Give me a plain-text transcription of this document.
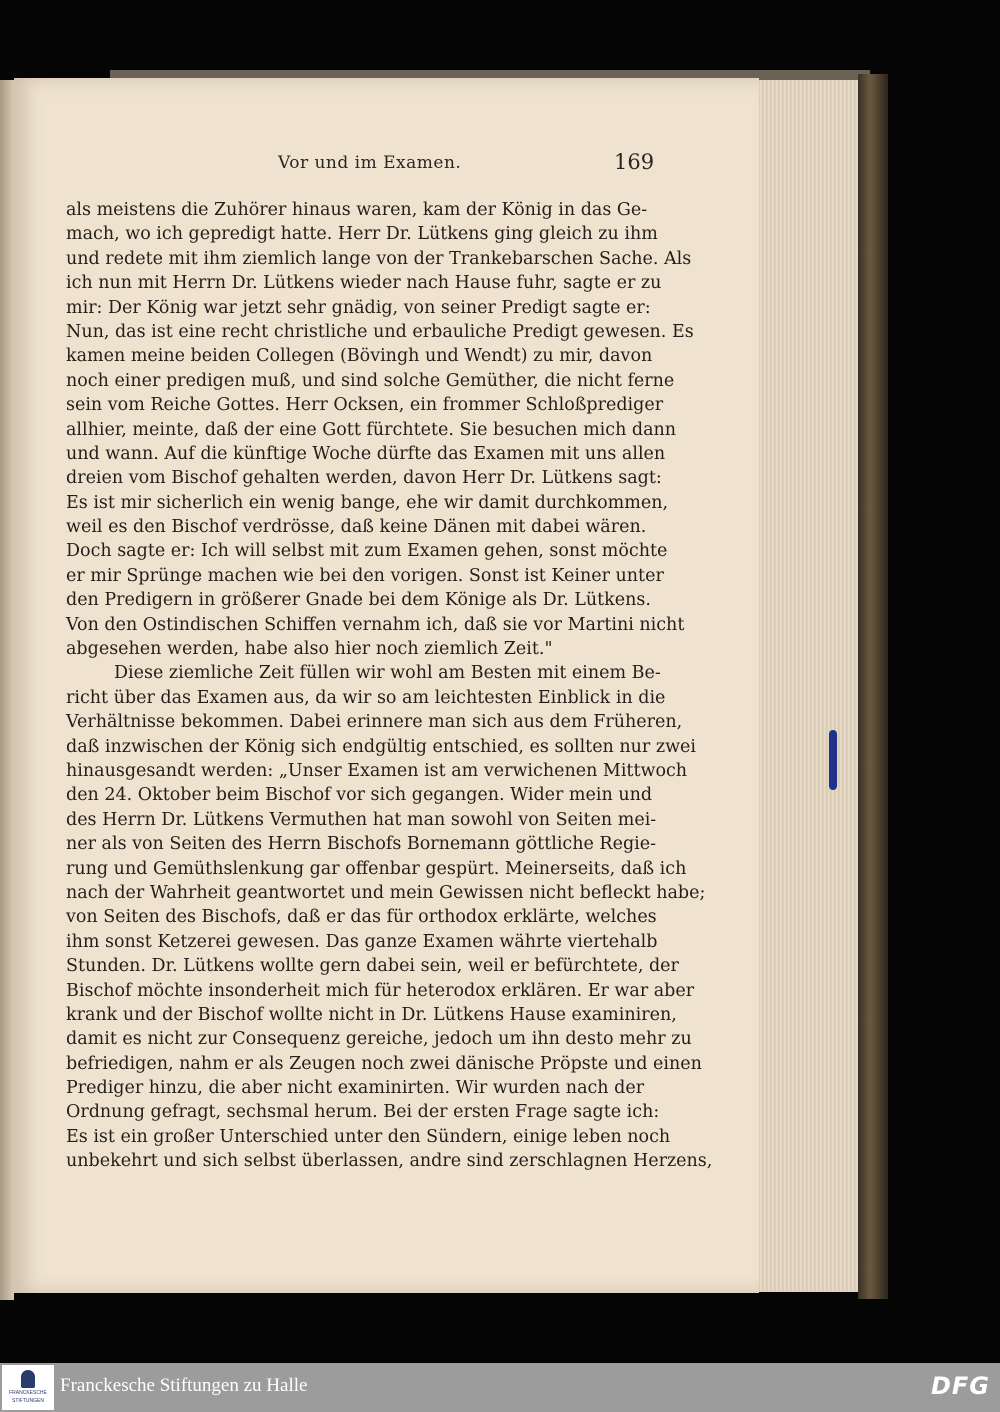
Vor und im Examen.	169
als meistens die Zuhörer hinaus waren, kam der König in das Ge-
mach, wo ich gepredigt hatte. Herr Dr. Lütkens ging gleich zu ihm
und redete mit ihm ziemlich lange von der Trankebarschen Sache. Als
ich nun mit Herrn Dr. Lütkens wieder nach Hause fuhr, sagte er zu
mir: Der König war jetzt sehr gnädig, von seiner Predigt sagte er:
Nun, das ist eine recht christliche und erbauliche Predigt gewesen. Es
kamen meine beiden Collegen (Bövingh und Wendt) zu mir, davon
noch einer predigen muß, und sind solche Gemüther, die nicht ferne
sein vom Reiche Gottes. Herr Ocksen, ein frommer Schloßprediger
allhier, meinte, daß der eine Gott fürchtete. Sie besuchen mich dann
und wann. Auf die künftige Woche dürfte das Examen mit uns allen
dreien vom Bischof gehalten werden, davon Herr Dr. Lütkens sagt:
Es ist mir sicherlich ein wenig bange, ehe wir damit durchkommen,
weil es den Bischof verdrösse, daß keine Dänen mit dabei wären.
Doch sagte er: Ich will selbst mit zum Examen gehen, sonst möchte
er mir Sprünge machen wie bei den vorigen. Sonst ist Keiner unter
den Predigern in größerer Gnade bei dem Könige als Dr. Lütkens.
Von den Ostindischen Schiffen vernahm ich, daß sie vor Martini nicht
abgesehen werden, habe also hier noch ziemlich Zeit."
Diese ziemliche Zeit füllen wir wohl am Besten mit einem Be-
richt über das Examen aus, da wir so am leichtesten Einblick in die
Verhältnisse bekommen. Dabei erinnere man sich aus dem Früheren,
daß inzwischen der König sich endgültig entschied, es sollten nur zwei
hinausgesandt werden: „Unser Examen ist am verwichenen Mittwoch
den 24. Oktober beim Bischof vor sich gegangen. Wider mein und
des Herrn Dr. Lütkens Vermuthen hat man sowohl von Seiten mei-
ner als von Seiten des Herrn Bischofs Bornemann göttliche Regie-
rung und Gemüthslenkung gar offenbar gespürt. Meinerseits, daß ich
nach der Wahrheit geantwortet und mein Gewissen nicht befleckt habe;
von Seiten des Bischofs, daß er das für orthodox erklärte, welches
ihm sonst Ketzerei gewesen. Das ganze Examen währte viertehalb
Stunden. Dr. Lütkens wollte gern dabei sein, weil er befürchtete, der
Bischof möchte insonderheit mich für heterodox erklären. Er war aber
krank und der Bischof wollte nicht in Dr. Lütkens Hause examiniren,
damit es nicht zur Consequenz gereiche, jedoch um ihn desto mehr zu
befriedigen, nahm er als Zeugen noch zwei dänische Pröpste und einen
Prediger hinzu, die aber nicht examinirten. Wir wurden nach der
Ordnung gefragt, sechsmal herum. Bei der ersten Frage sagte ich:
Es ist ein großer Unterschied unter den Sündern, einige leben noch
unbekehrt und sich selbst überlassen, andre sind zerschlagnen Herzens,
FRANCKESCHE
STIFTUNGEN
Franckesche Stiftungen zu Halle	DFG
